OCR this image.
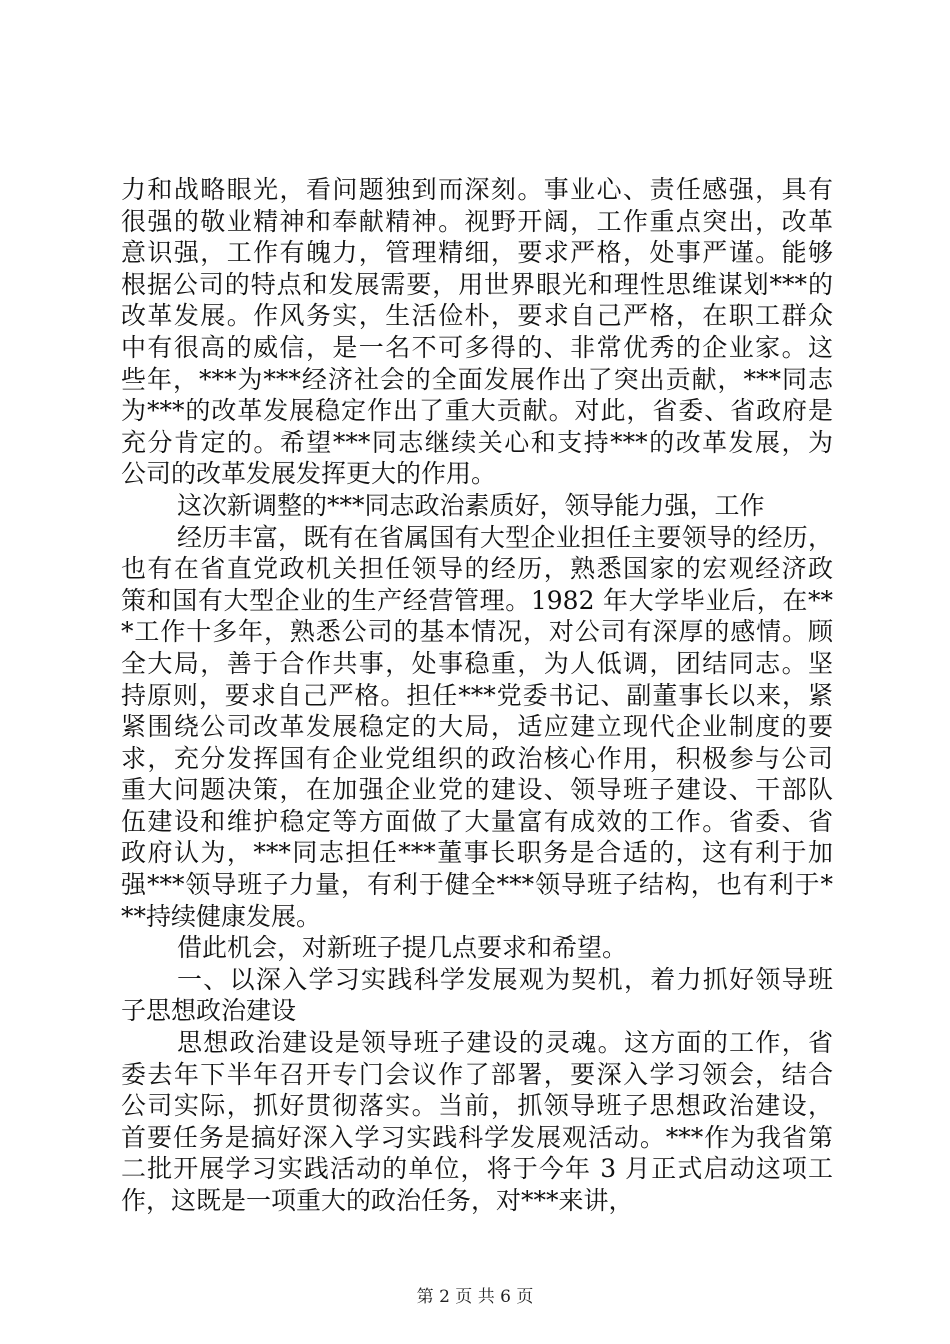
力和战略眼光，看问题独到而深刻。事业心、责任感强，具有
很强的敬业精神和奉献精神。视野开阔，工作重点突出，改革
意识强，工作有魄力，管理精细，要求严格，处事严谨。能够
根据公司的特点和发展需要，用世界眼光和理性思维谋划***的
改革发展。作风务实，生活俭朴，要求自己严格，在职工群众
中有很高的威信，是一名不可多得的、非常优秀的企业家。这
些年，***为***经济社会的全面发展作出了突出贡献，***同志
为***的改革发展稳定作出了重大贡献。对此，省委、省政府是
充分肯定的。希望***同志继续关心和支持***的改革发展，为
公司的改革发展发挥更大的作用。
这次新调整的***同志政治素质好，领导能力强，工作
经历丰富，既有在省属国有大型企业担任主要领导的经历，
也有在省直党政机关担任领导的经历，熟悉国家的宏观经济政
策和国有大型企业的生产经营管理。1982 年大学毕业后，在**
*工作十多年，熟悉公司的基本情况，对公司有深厚的感情。顾
全大局，善于合作共事，处事稳重，为人低调，团结同志。坚
持原则，要求自己严格。担任***党委书记、副董事长以来，紧
紧围绕公司改革发展稳定的大局，适应建立现代企业制度的要
求，充分发挥国有企业党组织的政治核心作用，积极参与公司
重大问题决策，在加强企业党的建设、领导班子建设、干部队
伍建设和维护稳定等方面做了大量富有成效的工作。省委、省
政府认为，***同志担任***董事长职务是合适的，这有利于加
强***领导班子力量，有利于健全***领导班子结构，也有利于*
**持续健康发展。
借此机会，对新班子提几点要求和希望。
一、以深入学习实践科学发展观为契机，着力抓好领导班
子思想政治建设
思想政治建设是领导班子建设的灵魂。这方面的工作，省
委去年下半年召开专门会议作了部署，要深入学习领会，结合
公司实际，抓好贯彻落实。当前，抓领导班子思想政治建设，
首要任务是搞好深入学习实践科学发展观活动。***作为我省第
二批开展学习实践活动的单位，将于今年 3 月正式启动这项工
作，这既是一项重大的政治任务，对***来讲，
第 2 页 共 6 页
